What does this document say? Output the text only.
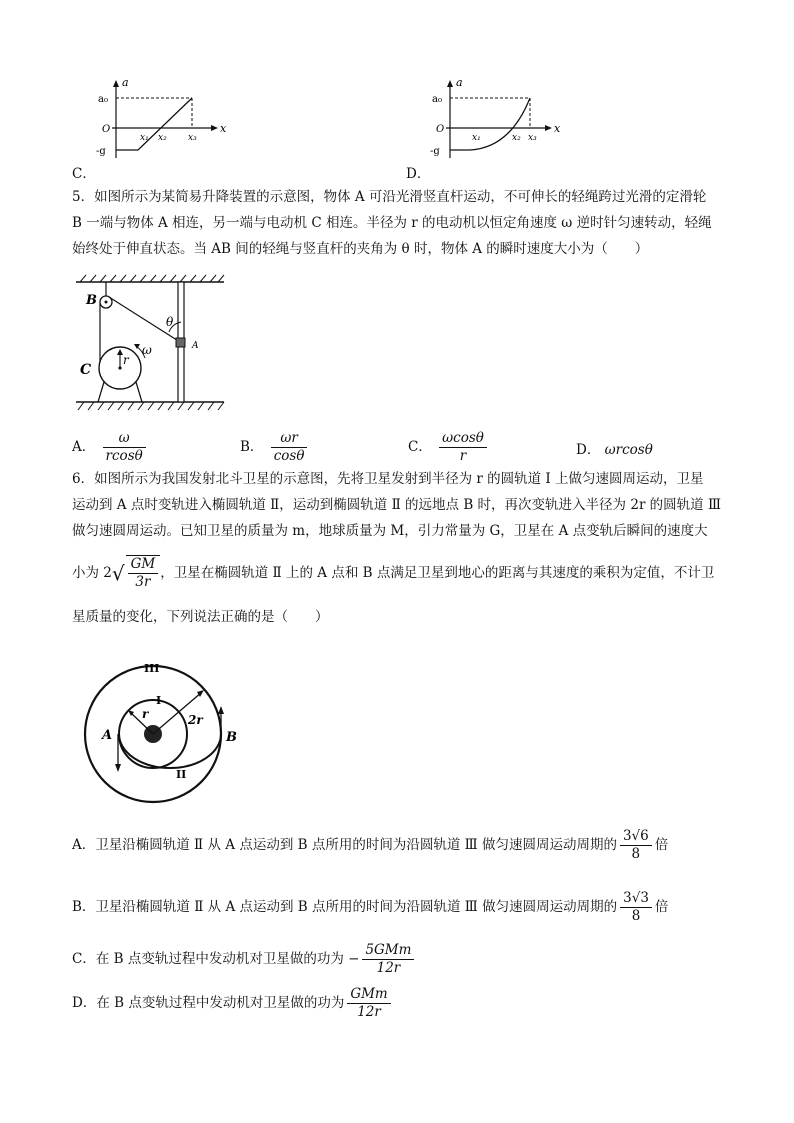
a
x
a₀
O
-g
x₁ x₂ x₃
C．
a
x
a₀
O
-g
x₁	x₂ x₃
D．
5．如图所示为某简易升降装置的示意图，物体 A 可沿光滑竖直杆运动，不可伸长的轻绳跨过光滑的定滑轮
B 一端与物体 A 相连，另一端与电动机 C 相连。半径为 r 的电动机以恒定角速度 ω 逆时针匀速转动，轻绳
始终处于伸直状态。当 AB 间的轻绳与竖直杆的夹角为 θ 时，物体 A 的瞬时速度大小为（　　）
B
C
A
θ
ω
r
A． $\frac{\omega}{rcos\theta}$	B． $\frac{\omega r}{\cos\theta}$	C． $\frac{\omega\cos\theta}{r}$	D． ωrcosθ
6．如图所示为我国发射北斗卫星的示意图，先将卫星发射到半径为 r 的圆轨道 Ⅰ 上做匀速圆周运动，卫星
运动到 A 点时变轨进入椭圆轨道 Ⅱ，运动到椭圆轨道 Ⅱ 的远地点 B 时，再次变轨进入半径为 2r 的圆轨道 Ⅲ
做匀速圆周运动。已知卫星的质量为 m，地球质量为 M，引力常量为 G，卫星在 A 点变轨后瞬间的速度大
小为 $2√ \frac{GM}{3r}$ ，卫星在椭圆轨道 Ⅱ 上的 A 点和 B 点满足卫星到地心的距离与其速度的乘积为定值，不计卫
星质量的变化，下列说法正确的是（　　）
III
I
II
A	B
r	2r
A．卫星沿椭圆轨道 Ⅱ 从 A 点运动到 B 点所用的时间为沿圆轨道 Ⅲ 做匀速圆周运动周期的 $\frac{3√6}{8}$ 倍
B．卫星沿椭圆轨道 Ⅱ 从 A 点运动到 B 点所用的时间为沿圆轨道 Ⅲ 做匀速圆周运动周期的 $\frac{3√3}{8}$ 倍
C．在 B 点变轨过程中发动机对卫星做的功为 − $\frac{\text{5GMm}}{12r}$
D．在 B 点变轨过程中发动机对卫星做的功为 $\frac{\text{GMm}}{12r}$
